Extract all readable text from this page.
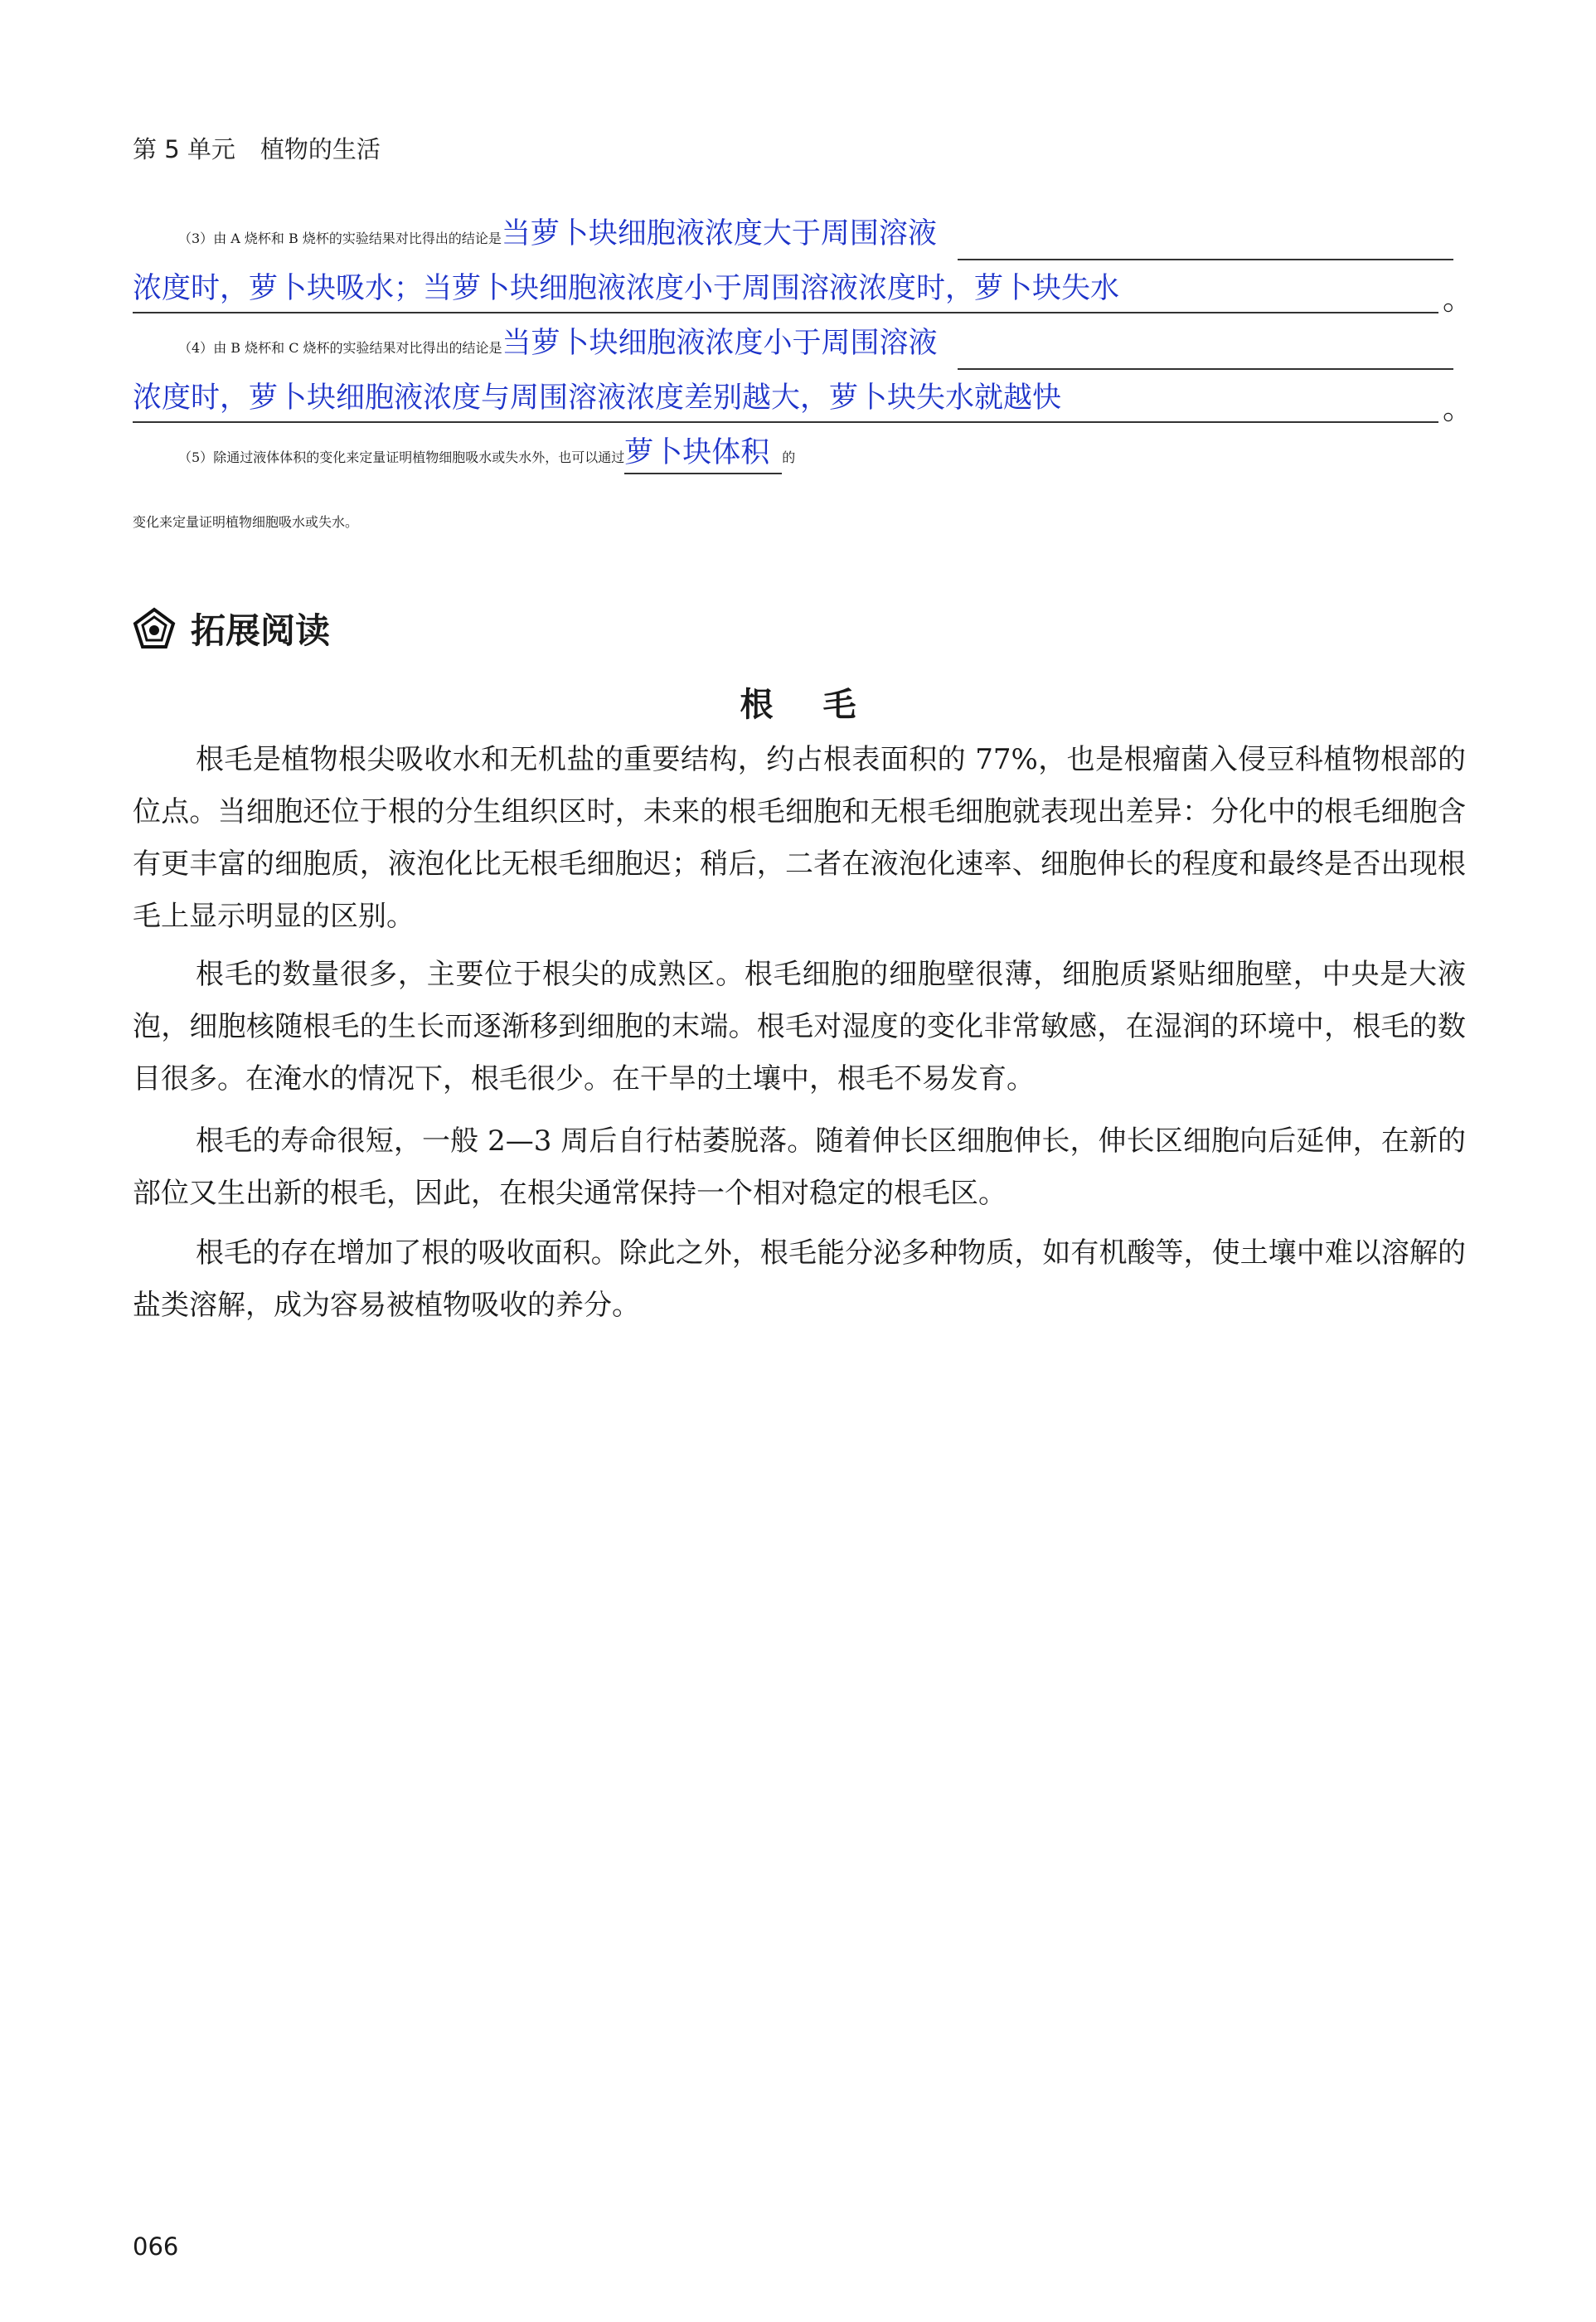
第 5 单元 植物的生活
（3）由 A 烧杯和 B 烧杯的实验结果对比得出的结论是当萝卜块细胞液浓度大于周围溶液
浓度时，萝卜块吸水；当萝卜块细胞液浓度小于周围溶液浓度时，萝卜块失水	。
（4）由 B 烧杯和 C 烧杯的实验结果对比得出的结论是当萝卜块细胞液浓度小于周围溶液
浓度时，萝卜块细胞液浓度与周围溶液浓度差别越大，萝卜块失水就越快	。
（5）除通过液体体积的变化来定量证明植物细胞吸水或失水外，也可以通过萝卜块体积 的
变化来定量证明植物细胞吸水或失水。
拓展阅读
根毛

根毛是植物根尖吸收水和无机盐的重要结构，约占根表面积的 77%，也是根瘤菌入侵豆科植物根部的位点。当细胞还位于根的分生组织区时，未来的根毛细胞和无根毛细胞就表现出差异：分化中的根毛细胞含有更丰富的细胞质，液泡化比无根毛细胞迟；稍后，二者在液泡化速率、细胞伸长的程度和最终是否出现根毛上显示明显的区别。

根毛的数量很多，主要位于根尖的成熟区。根毛细胞的细胞壁很薄，细胞质紧贴细胞壁，中央是大液泡，细胞核随根毛的生长而逐渐移到细胞的末端。根毛对湿度的变化非常敏感，在湿润的环境中，根毛的数目很多。在淹水的情况下，根毛很少。在干旱的土壤中，根毛不易发育。

根毛的寿命很短，一般 2—3 周后自行枯萎脱落。随着伸长区细胞伸长，伸长区细胞向后延伸，在新的部位又生出新的根毛，因此，在根尖通常保持一个相对稳定的根毛区。

根毛的存在增加了根的吸收面积。除此之外，根毛能分泌多种物质，如有机酸等，使土壤中难以溶解的盐类溶解，成为容易被植物吸收的养分。

066
